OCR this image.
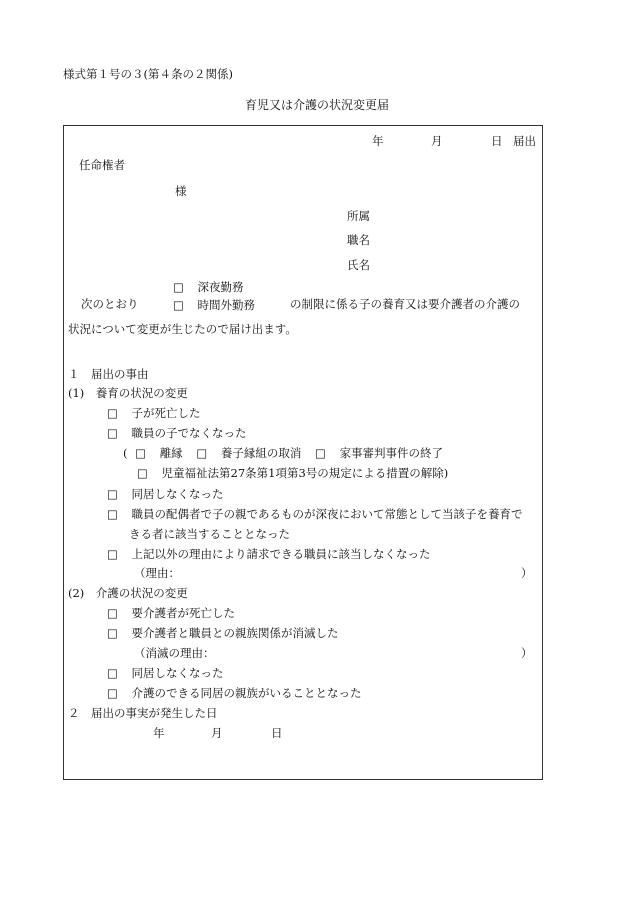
様式第１号の３(第４条の２関係)
育児又は介護の状況変更届
年	月	日 届出
任命権者
様
所属
職名
氏名
□ 深夜勤務
次のとおり	□ 時間外勤務	の制限に係る子の養育又は要介護者の介護の
状況について変更が生じたので届け出ます。
１　届出の事由
(1)　養育の状況の変更
□ 子が死亡した
□ 職員の子でなくなった
( □ 離縁 □ 養子縁組の取消 □ 家事審判事件の終了
□ 児童福祉法第27条第1項第3号の規定による措置の解除)
□ 同居しなくなった
□ 職員の配偶者で子の親であるものが深夜において常態として当該子を養育で
きる者に該当することとなった
□ 上記以外の理由により請求できる職員に該当しなくなった
（理由：	）
(2)　介護の状況の変更
□ 要介護者が死亡した
□ 要介護者と職員との親族関係が消滅した
（消滅の理由：	）
□ 同居しなくなった
□ 介護のできる同居の親族がいることとなった
２　届出の事実が発生した日
年	月	日
